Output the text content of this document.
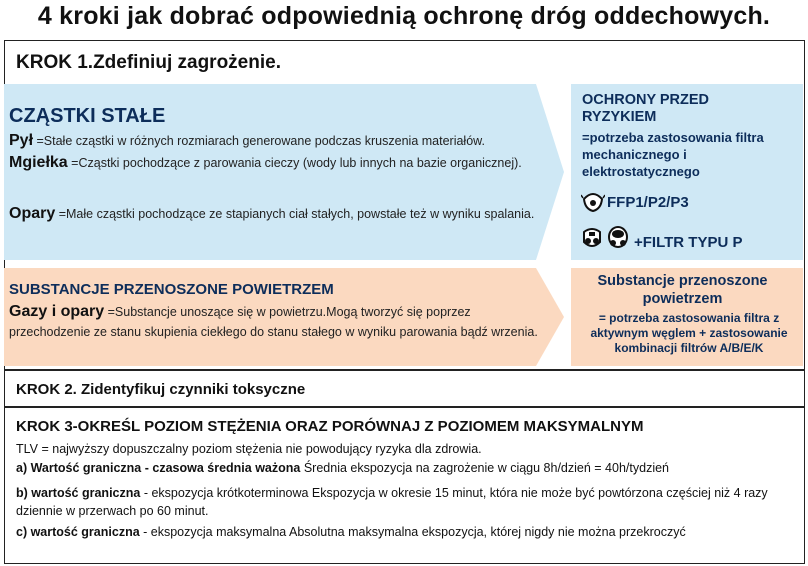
4 kroki jak dobrać odpowiednią ochronę dróg oddechowych.
KROK 1.Zdefiniuj zagrożenie.
CZĄSTKI STAŁE
Pył =Stałe cząstki w różnych rozmiarach generowane podczas kruszenia materiałów.
Mgiełka =Cząstki pochodzące z parowania cieczy (wody lub innych na bazie organicznej).
Opary =Małe cząstki pochodzące ze stapianych ciał stałych, powstałe też w wyniku spalania.
OCHRONY PRZED
RYZYKIEM
=potrzeba zastosowania filtra mechanicznego i elektrostatycznego
FFP1/P2/P3
+FILTR TYPU P
SUBSTANCJE PRZENOSZONE POWIETRZEM
Gazy i opary =Substancje unoszące się w powietrzu.Mogą tworzyć się poprzez przechodzenie ze stanu skupienia ciekłego do stanu stałego w wyniku parowania bądź wrzenia.
Substancje przenoszone powietrzem
= potrzeba zastosowania filtra z aktywnym węglem + zastosowanie kombinacji filtrów A/B/E/K
KROK 2. Zidentyfikuj czynniki toksyczne
KROK 3-OKREŚL POZIOM STĘŻENIA ORAZ PORÓWNAJ Z POZIOMEM MAKSYMALNYM
TLV = najwyższy dopuszczalny poziom stężenia nie powodujący ryzyka dla zdrowia.
a) Wartość graniczna - czasowa średnia ważona Średnia ekspozycja na zagrożenie w ciągu 8h/dzień = 40h/tydzień
b) wartość graniczna - ekspozycja krótkoterminowa Ekspozycja w okresie 15 minut, która nie może być powtórzona częściej niż 4 razy dziennie w przerwach po 60 minut.
c) wartość graniczna - ekspozycja maksymalna Absolutna maksymalna ekspozycja, której nigdy nie można przekroczyć
